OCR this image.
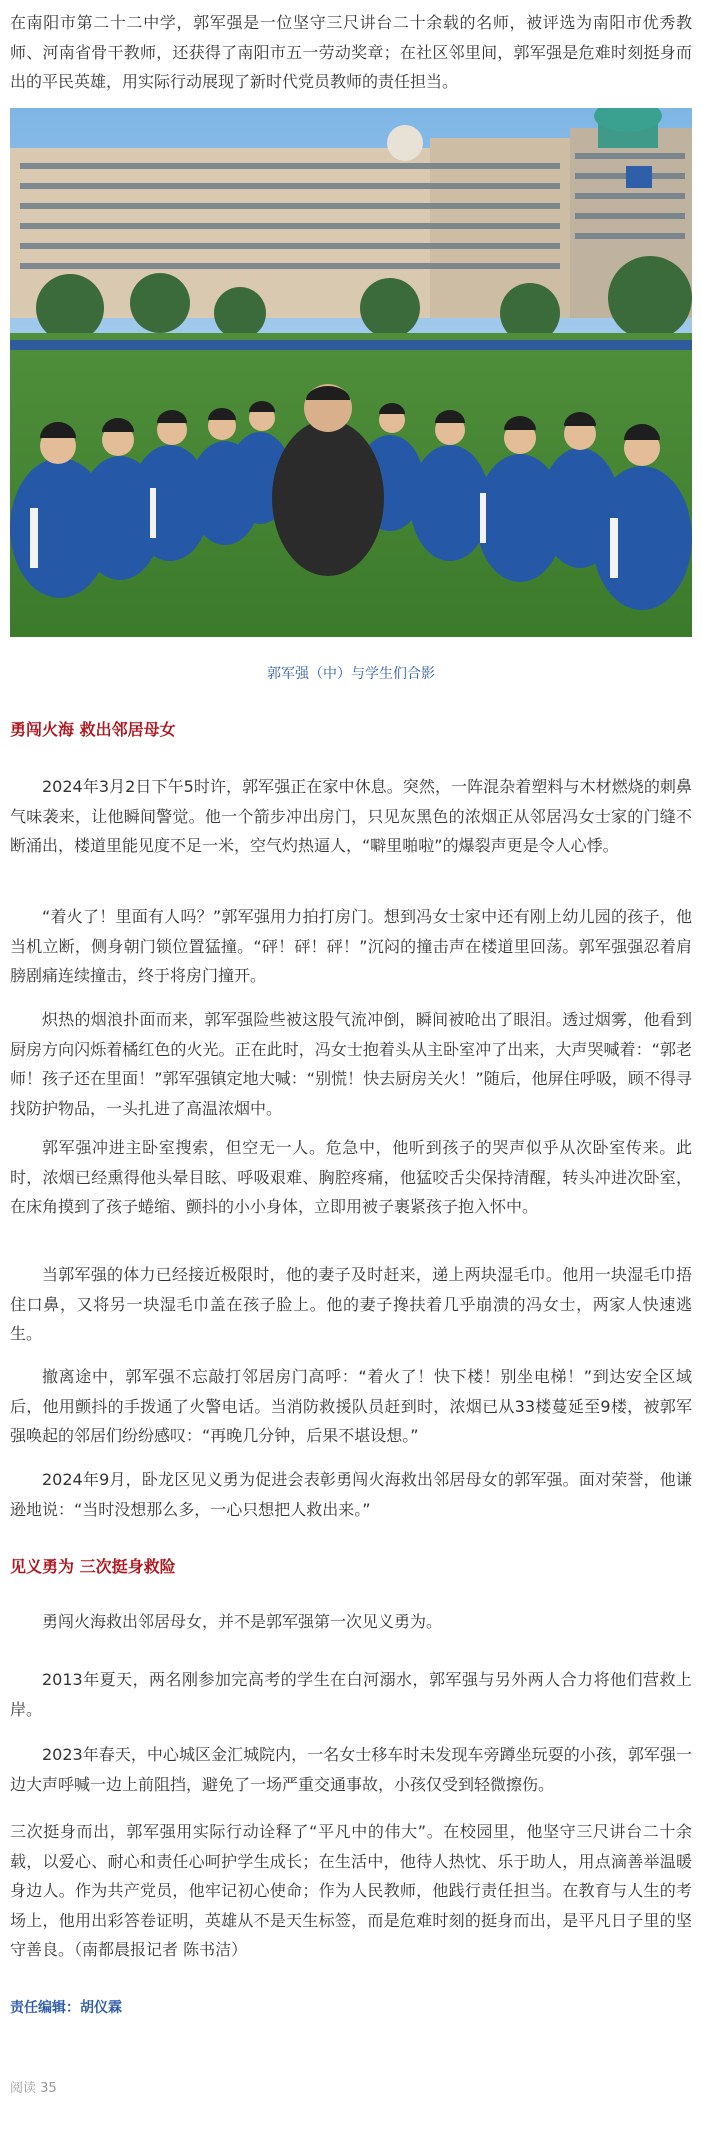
在南阳市第二十二中学，郭军强是一位坚守三尺讲台二十余载的名师，被评选为南阳市优秀教师、河南省骨干教师，还获得了南阳市五一劳动奖章；在社区邻里间，郭军强是危难时刻挺身而出的平民英雄，用实际行动展现了新时代党员教师的责任担当。

郭军强（中）与学生们合影
勇闯火海 救出邻居母女

2024年3月2日下午5时许，郭军强正在家中休息。突然，一阵混杂着塑料与木材燃烧的刺鼻气味袭来，让他瞬间警觉。他一个箭步冲出房门，只见灰黑色的浓烟正从邻居冯女士家的门缝不断涌出，楼道里能见度不足一米，空气灼热逼人，“噼里啪啦”的爆裂声更是令人心悸。

“着火了！里面有人吗？”郭军强用力拍打房门。想到冯女士家中还有刚上幼儿园的孩子，他当机立断，侧身朝门锁位置猛撞。“砰！砰！砰！”沉闷的撞击声在楼道里回荡。郭军强强忍着肩膀剧痛连续撞击，终于将房门撞开。

炽热的烟浪扑面而来，郭军强险些被这股气流冲倒，瞬间被呛出了眼泪。透过烟雾，他看到厨房方向闪烁着橘红色的火光。正在此时，冯女士抱着头从主卧室冲了出来，大声哭喊着：“郭老师！孩子还在里面！”郭军强镇定地大喊：“别慌！快去厨房关火！”随后，他屏住呼吸，顾不得寻找防护物品，一头扎进了高温浓烟中。

郭军强冲进主卧室搜索，但空无一人。危急中，他听到孩子的哭声似乎从次卧室传来。此时，浓烟已经熏得他头晕目眩、呼吸艰难、胸腔疼痛，他猛咬舌尖保持清醒，转头冲进次卧室，在床角摸到了孩子蜷缩、颤抖的小小身体，立即用被子裹紧孩子抱入怀中。

当郭军强的体力已经接近极限时，他的妻子及时赶来，递上两块湿毛巾。他用一块湿毛巾捂住口鼻，又将另一块湿毛巾盖在孩子脸上。他的妻子搀扶着几乎崩溃的冯女士，两家人快速逃生。

撤离途中，郭军强不忘敲打邻居房门高呼：“着火了！快下楼！别坐电梯！”到达安全区域后，他用颤抖的手拨通了火警电话。当消防救援队员赶到时，浓烟已从33楼蔓延至9楼，被郭军强唤起的邻居们纷纷感叹：“再晚几分钟，后果不堪设想。”

2024年9月，卧龙区见义勇为促进会表彰勇闯火海救出邻居母女的郭军强。面对荣誉，他谦逊地说：“当时没想那么多，一心只想把人救出来。”

见义勇为 三次挺身救险

勇闯火海救出邻居母女，并不是郭军强第一次见义勇为。

2013年夏天，两名刚参加完高考的学生在白河溺水，郭军强与另外两人合力将他们营救上岸。

2023年春天，中心城区金汇城院内，一名女士移车时未发现车旁蹲坐玩耍的小孩，郭军强一边大声呼喊一边上前阻挡，避免了一场严重交通事故，小孩仅受到轻微擦伤。

三次挺身而出，郭军强用实际行动诠释了“平凡中的伟大”。在校园里，他坚守三尺讲台二十余载，以爱心、耐心和责任心呵护学生成长；在生活中，他待人热忱、乐于助人，用点滴善举温暖身边人。作为共产党员，他牢记初心使命；作为人民教师，他践行责任担当。在教育与人生的考场上，他用出彩答卷证明，英雄从不是天生标签，而是危难时刻的挺身而出，是平凡日子里的坚守善良。（南都晨报记者 陈书洁）

责任编辑：胡仪霖
阅读 35
